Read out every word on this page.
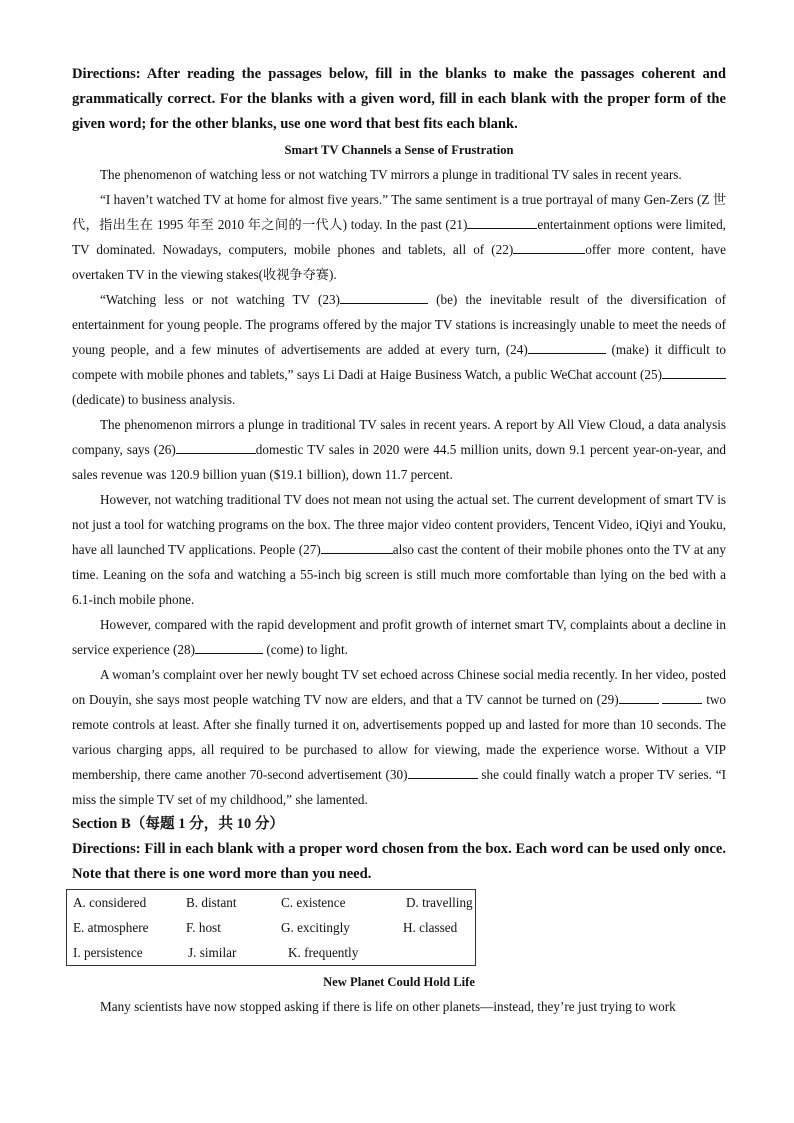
Directions: After reading the passages below, fill in the blanks to make the passages coherent and grammatically correct. For the blanks with a given word, fill in each blank with the proper form of the given word; for the other blanks, use one word that best fits each blank.

Smart TV Channels a Sense of Frustration

The phenomenon of watching less or not watching TV mirrors a plunge in traditional TV sales in recent years.

“I haven’t watched TV at home for almost five years.” The same sentiment is a true portrayal of many Gen-Zers (Z 世代，指出生在 1995 年至 2010 年之间的一代人) today. In the past (21)	entertainment options were limited, TV dominated. Nowadays, computers, mobile phones and tablets, all of (22)	offer more content, have overtaken TV in the viewing stakes(收视争夺赛).

“Watching less or not watching TV (23)	(be) the inevitable result of the diversification of entertainment for young people. The programs offered by the major TV stations is increasingly unable to meet the needs of young people, and a few minutes of advertisements are added at every turn, (24)	(make) it difficult to compete with mobile phones and tablets,” says Li Dadi at Haige Business Watch, a public WeChat account (25)(dedicate) to business analysis.

The phenomenon mirrors a plunge in traditional TV sales in recent years. A report by All View Cloud, a data analysis company, says (26)	domestic TV sales in 2020 were 44.5 million units, down 9.1 percent year-on-year, and sales revenue was 120.9 billion yuan ($19.1 billion), down 11.7 percent.

However, not watching traditional TV does not mean not using the actual set. The current development of smart TV is not just a tool for watching programs on the box. The three major video content providers, Tencent Video, iQiyi and Youku, have all launched TV applications. People (27)	also cast the content of their mobile phones onto the TV at any time. Leaning on the sofa and watching a 55-inch big screen is still much more comfortable than lying on the bed with a 6.1-inch mobile phone.

However, compared with the rapid development and profit growth of internet smart TV, complaints about a decline in service experience (28)	(come) to light.

A woman’s complaint over her newly bought TV set echoed across Chinese social media recently. In her video, posted on Douyin, she says most people watching TV now are elders, and that a TV cannot be turned on (29)	two remote controls at least. After she finally turned it on, advertisements popped up and lasted for more than 10 seconds. The various charging apps, all required to be purchased to allow for viewing, made the experience worse. Without a VIP membership, there came another 70-second advertisement (30)	she could finally watch a proper TV series. “I miss the simple TV set of my childhood,” she lamented.

Section B（每题 1 分，共 10 分）

Directions: Fill in each blank with a proper word chosen from the box. Each word can be used only once. Note that there is one word more than you need.

A. considered	B. distant	C. existence	D. travelling
E. atmosphere	F. host	G. excitingly	H. classed
I. persistence	J. similar	K. frequently

New Planet Could Hold Life

Many scientists have now stopped asking if there is life on other planets—instead, they’re just trying to work
